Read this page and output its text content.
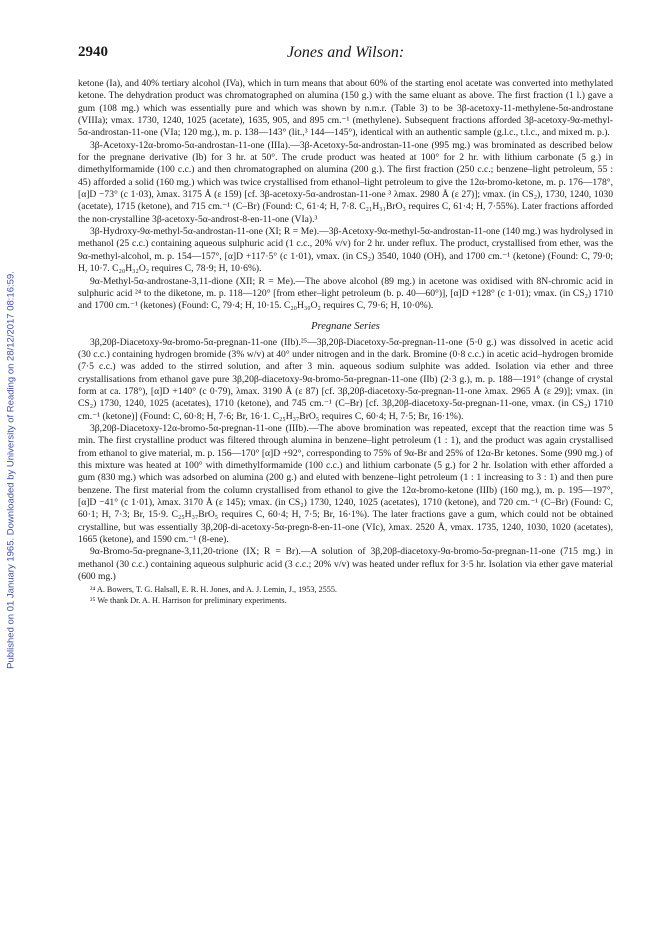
Published on 01 January 1965. Downloaded by University of Reading on 28/12/2017 08:16:59.
2940	Jones and Wilson:

ketone (Ia), and 40% tertiary alcohol (IVa), which in turn means that about 60% of the starting enol acetate was converted into methylated ketone. The dehydration product was chromatographed on alumina (150 g.) with the same eluant as above. The first fraction (1 l.) gave a gum (108 mg.) which was essentially pure and which was shown by n.m.r. (Table 3) to be 3β-acetoxy-11-methylene-5α-androstane (VIIIa); νmax. 1730, 1240, 1025 (acetate), 1635, 905, and 895 cm.⁻¹ (methylene). Subsequent fractions afforded 3β-acetoxy-9α-methyl-5α-androstan-11-one (VIa; 120 mg.), m. p. 138—143° (lit.,³ 144—145°), identical with an authentic sample (g.l.c., t.l.c., and mixed m. p.).

3β-Acetoxy-12α-bromo-5α-androstan-11-one (IIIa).—3β-Acetoxy-5α-androstan-11-one (995 mg.) was brominated as described below for the pregnane derivative (Ib) for 3 hr. at 50°. The crude product was heated at 100° for 2 hr. with lithium carbonate (5 g.) in dimethylformamide (100 c.c.) and then chromatographed on alumina (200 g.). The first fraction (250 c.c.; benzene–light petroleum, 55 : 45) afforded a solid (160 mg.) which was twice crystallised from ethanol–light petroleum to give the 12α-bromo-ketone, m. p. 176—178°, [α]D −73° (c 1·03), λmax. 3175 Å (ε 159) [cf. 3β-acetoxy-5α-androstan-11-one ³ λmax. 2980 Å (ε 27)]; νmax. (in CS₂), 1730, 1240, 1030 (acetate), 1715 (ketone), and 715 cm.⁻¹ (C–Br) (Found: C, 61·4; H, 7·8. C₂₁H₃₁BrO₃ requires C, 61·4; H, 7·55%). Later fractions afforded the non-crystalline 3β-acetoxy-5α-androst-8-en-11-one (VIa).³

3β-Hydroxy-9α-methyl-5α-androstan-11-one (XI; R = Me).—3β-Acetoxy-9α-methyl-5α-androstan-11-one (140 mg.) was hydrolysed in methanol (25 c.c.) containing aqueous sulphuric acid (1 c.c., 20% v/v) for 2 hr. under reflux. The product, crystallised from ether, was the 9α-methyl-alcohol, m. p. 154—157°, [α]D +117·5° (c 1·01), νmax. (in CS₂) 3540, 1040 (OH), and 1700 cm.⁻¹ (ketone) (Found: C, 79·0; H, 10·7. C₂₀H₃₂O₂ requires C, 78·9; H, 10·6%).

9α-Methyl-5α-androstane-3,11-dione (XII; R = Me).—The above alcohol (89 mg.) in acetone was oxidised with 8N-chromic acid in sulphuric acid ²⁴ to the diketone, m. p. 118—120° [from ether–light petroleum (b. p. 40—60°)], [α]D +128° (c 1·01); νmax. (in CS₂) 1710 and 1700 cm.⁻¹ (ketones) (Found: C, 79·4; H, 10·15. C₂₀H₃₀O₂ requires C, 79·6; H, 10·0%).

Pregnane Series

3β,20β-Diacetoxy-9α-bromo-5α-pregnan-11-one (IIb).²⁵—3β,20β-Diacetoxy-5α-pregnan-11-one (5·0 g.) was dissolved in acetic acid (30 c.c.) containing hydrogen bromide (3% w/v) at 40° under nitrogen and in the dark. Bromine (0·8 c.c.) in acetic acid–hydrogen bromide (7·5 c.c.) was added to the stirred solution, and after 3 min. aqueous sodium sulphite was added. Isolation via ether and three crystallisations from ethanol gave pure 3β,20β-diacetoxy-9α-bromo-5α-pregnan-11-one (IIb) (2·3 g.), m. p. 188—191° (change of crystal form at ca. 178°), [α]D +140° (c 0·79), λmax. 3190 Å (ε 87) [cf. 3β,20β-diacetoxy-5α-pregnan-11-one λmax. 2965 Å (ε 29)]; νmax. (in CS₂) 1730, 1240, 1025 (acetates), 1710 (ketone), and 745 cm.⁻¹ (C–Br) [cf. 3β,20β-diacetoxy-5α-pregnan-11-one, νmax. (in CS₂) 1710 cm.⁻¹ (ketone)] (Found: C, 60·8; H, 7·6; Br, 16·1. C₂₅H₃₇BrO₅ requires C, 60·4; H, 7·5; Br, 16·1%).

3β,20β-Diacetoxy-12α-bromo-5α-pregnan-11-one (IIIb).—The above bromination was repeated, except that the reaction time was 5 min. The first crystalline product was filtered through alumina in benzene–light petroleum (1 : 1), and the product was again crystallised from ethanol to give material, m. p. 156—170° [α]D +92°, corresponding to 75% of 9α-Br and 25% of 12α-Br ketones. Some (990 mg.) of this mixture was heated at 100° with dimethylformamide (100 c.c.) and lithium carbonate (5 g.) for 2 hr. Isolation with ether afforded a gum (830 mg.) which was adsorbed on alumina (200 g.) and eluted with benzene–light petroleum (1 : 1 increasing to 3 : 1) and then pure benzene. The first material from the column crystallised from ethanol to give the 12α-bromo-ketone (IIIb) (160 mg.), m. p. 195—197°, [α]D −41° (c 1·01), λmax. 3170 Å (ε 145); νmax. (in CS₂) 1730, 1240, 1025 (acetates), 1710 (ketone), and 720 cm.⁻¹ (C–Br) (Found: C, 60·1; H, 7·3; Br, 15·9. C₂₅H₃₇BrO₅ requires C, 60·4; H, 7·5; Br, 16·1%). The later fractions gave a gum, which could not be obtained crystalline, but was essentially 3β,20β-di-acetoxy-5α-pregn-8-en-11-one (VIc), λmax. 2520 Å, νmax. 1735, 1240, 1030, 1020 (acetates), 1665 (ketone), and 1590 cm.⁻¹ (8-ene).

9α-Bromo-5α-pregnane-3,11,20-trione (IX; R = Br).—A solution of 3β,20β-diacetoxy-9α-bromo-5α-pregnan-11-one (715 mg.) in methanol (30 c.c.) containing aqueous sulphuric acid (3 c.c.; 20% v/v) was heated under reflux for 3·5 hr. Isolation via ether gave material (600 mg.)

²⁴ A. Bowers, T. G. Halsall, E. R. H. Jones, and A. J. Lemin, J., 1953, 2555.

²⁵ We thank Dr. A. H. Harrison for preliminary experiments.
